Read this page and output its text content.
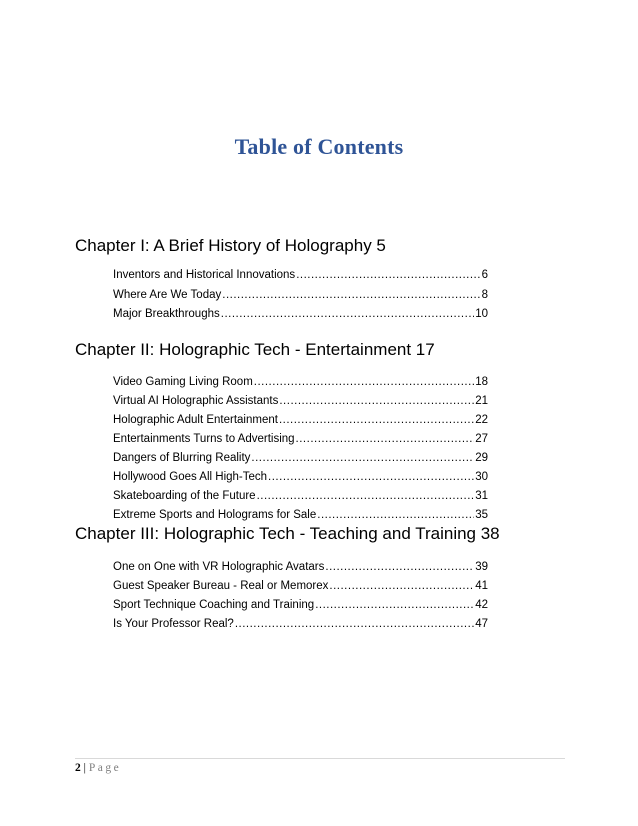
Table of Contents
Chapter I: A Brief History of Holography 5
Inventors and Historical Innovations .....	6
Where Are We Today .....	8
Major Breakthroughs .....	10
Chapter II: Holographic Tech - Entertainment 17
Video Gaming Living Room .....	18
Virtual AI Holographic Assistants .....	21
Holographic Adult Entertainment .....	22
Entertainments Turns to Advertising .....	27
Dangers of Blurring Reality .....	29
Hollywood Goes All High-Tech .....	30
Skateboarding of the Future .....	31
Extreme Sports and Holograms for Sale .....	35
Chapter III: Holographic Tech - Teaching and Training 38
One on One with VR Holographic Avatars .....	39
Guest Speaker Bureau - Real or Memorex .....	41
Sport Technique Coaching and Training .....	42
Is Your Professor Real? .....	47
2 | Page
